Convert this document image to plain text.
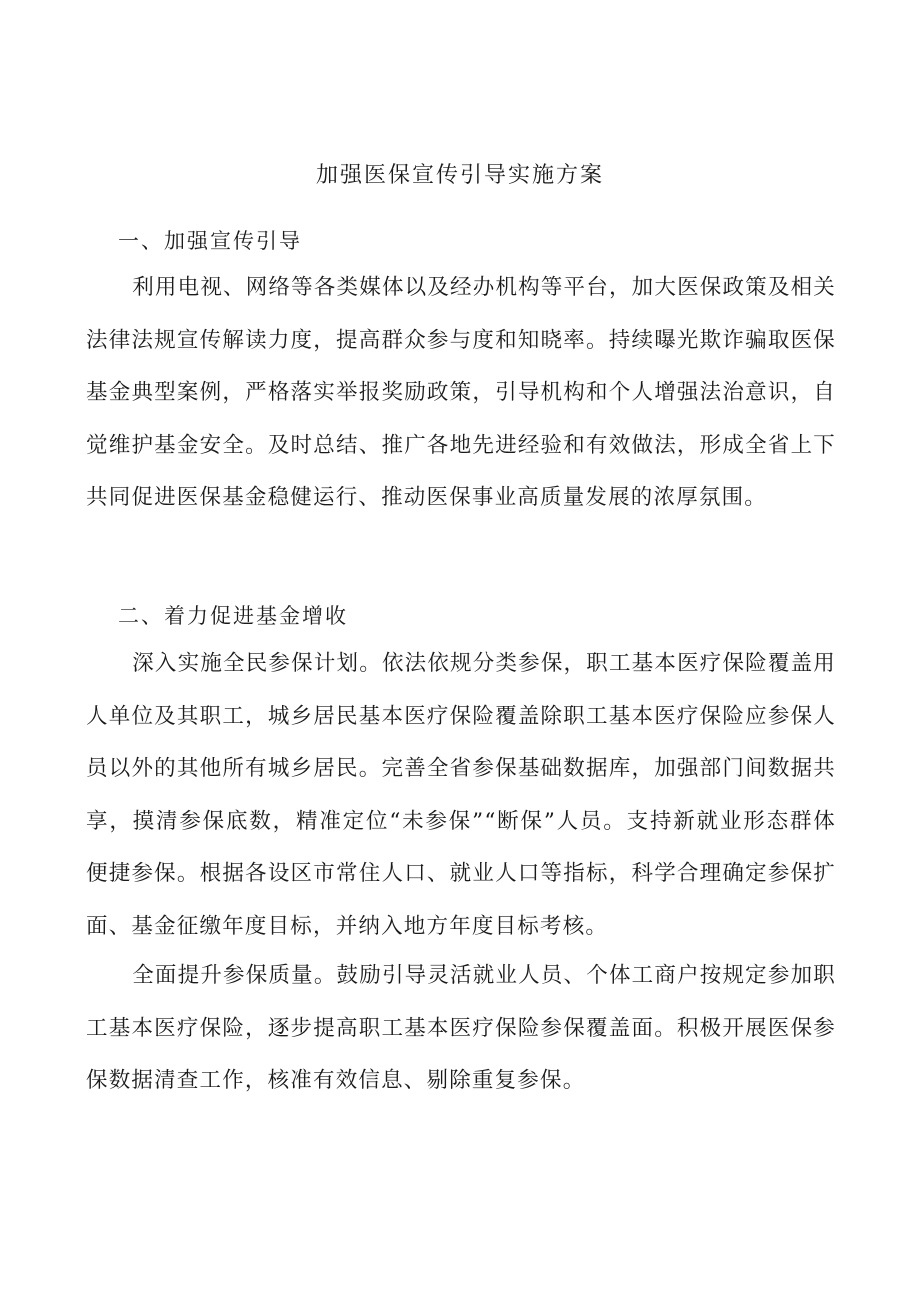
加强医保宣传引导实施方案
一、加强宣传引导

利用电视、网络等各类媒体以及经办机构等平台，加大医保政策及相关法律法规宣传解读力度，提高群众参与度和知晓率。持续曝光欺诈骗取医保基金典型案例，严格落实举报奖励政策，引导机构和个人增强法治意识，自觉维护基金安全。及时总结、推广各地先进经验和有效做法，形成全省上下共同促进医保基金稳健运行、推动医保事业高质量发展的浓厚氛围。

二、着力促进基金增收

深入实施全民参保计划。依法依规分类参保，职工基本医疗保险覆盖用人单位及其职工，城乡居民基本医疗保险覆盖除职工基本医疗保险应参保人员以外的其他所有城乡居民。完善全省参保基础数据库，加强部门间数据共享，摸清参保底数，精准定位“未参保”“断保”人员。支持新就业形态群体便捷参保。根据各设区市常住人口、就业人口等指标，科学合理确定参保扩面、基金征缴年度目标，并纳入地方年度目标考核。

全面提升参保质量。鼓励引导灵活就业人员、个体工商户按规定参加职工基本医疗保险，逐步提高职工基本医疗保险参保覆盖面。积极开展医保参保数据清查工作，核准有效信息、剔除重复参保。
